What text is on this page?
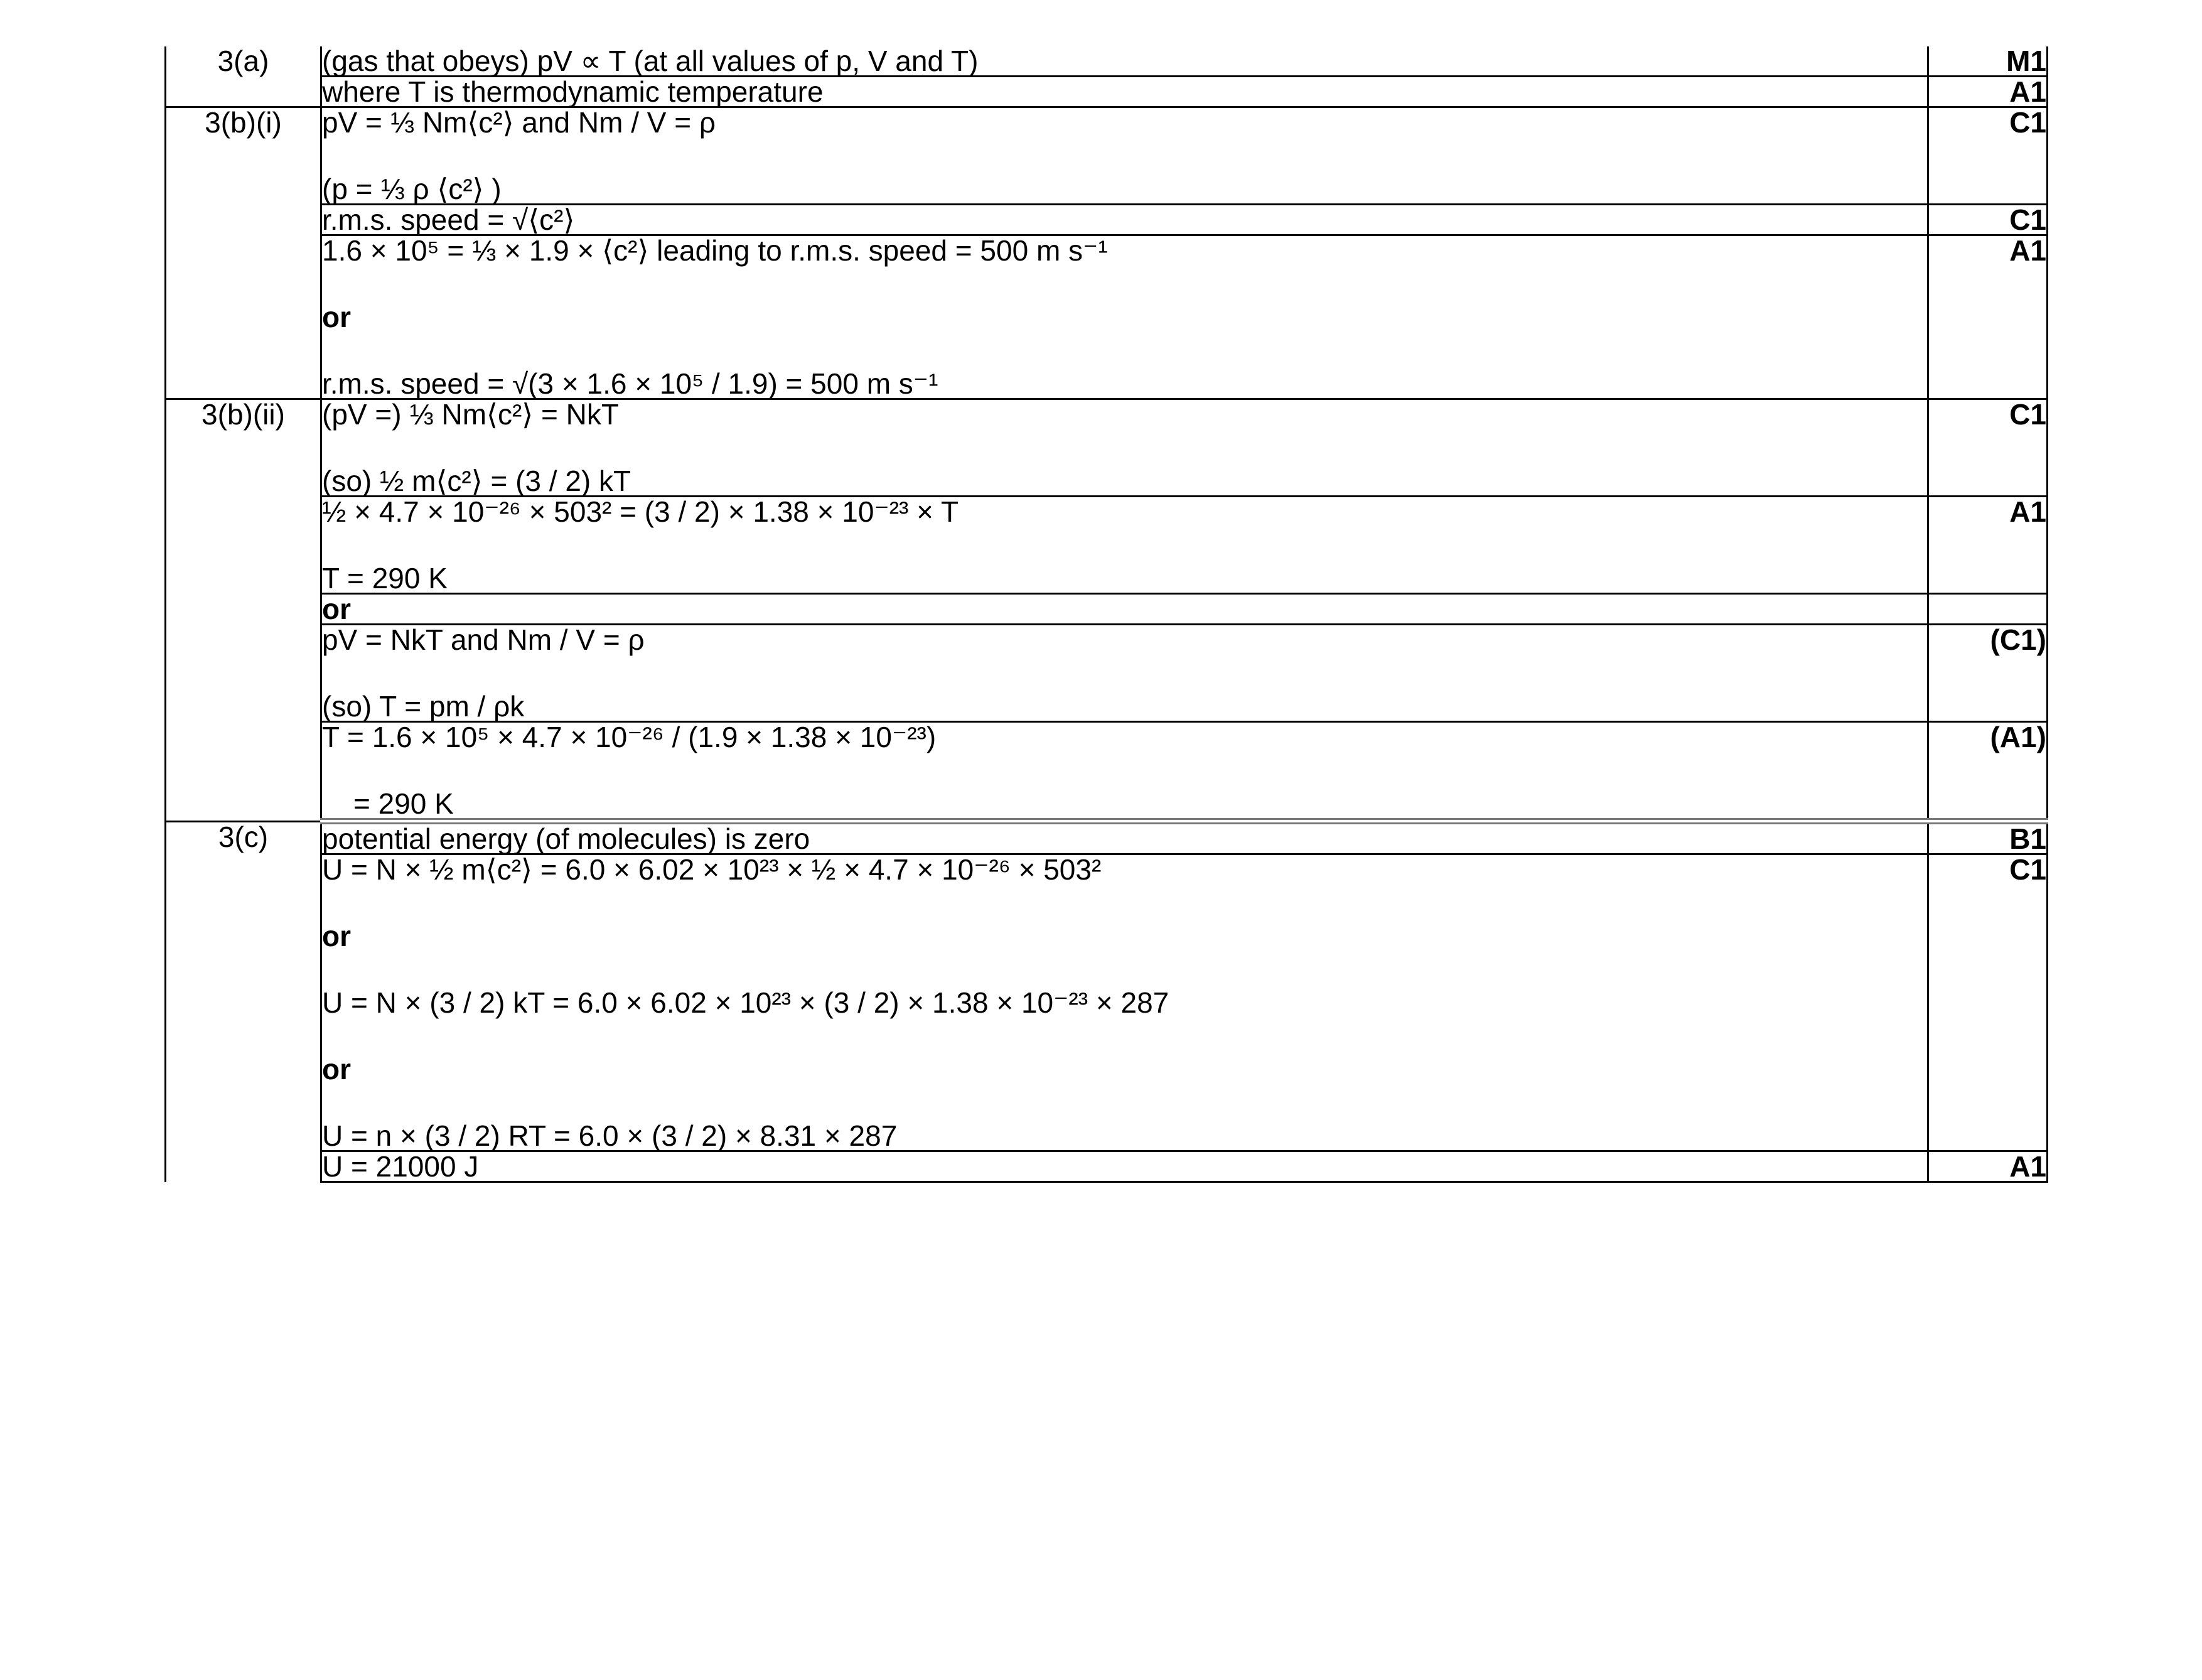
3(a)	(gas that obeys) pV ∝ T (at all values of p, V and T)	M1

	where T is thermodynamic temperature	A1
3(b)(i)	pV = ⅓ Nm⟨c²⟩ and Nm / V = ρ
(p = ⅓ ρ ⟨c²⟩ )	C1

	r.m.s. speed = √⟨c²⟩	C1

	1.6 × 10⁵ = ⅓ × 1.9 × ⟨c²⟩ leading to r.m.s. speed = 500 m s⁻¹
or
r.m.s. speed = √(3 × 1.6 × 10⁵ / 1.9) = 500 m s⁻¹	A1
3(b)(ii)	(pV =) ⅓ Nm⟨c²⟩ = NkT
(so) ½ m⟨c²⟩ = (3 / 2) kT	C1

	½ × 4.7 × 10⁻²⁶ × 503² = (3 / 2) × 1.38 × 10⁻²³ × T
T = 290 K	A1

	or	

	pV = NkT and Nm / V = ρ
(so) T = pm / ρk	(C1)

	T = 1.6 × 10⁵ × 4.7 × 10⁻²⁶ / (1.9 × 1.38 × 10⁻²³)
= 290 K	(A1)
3(c)	potential energy (of molecules) is zero	B1

	U = N × ½ m⟨c²⟩ = 6.0 × 6.02 × 10²³ × ½ × 4.7 × 10⁻²⁶ × 503²
or
U = N × (3 / 2) kT = 6.0 × 6.02 × 10²³ × (3 / 2) × 1.38 × 10⁻²³ × 287
or
U = n × (3 / 2) RT = 6.0 × (3 / 2) × 8.31 × 287	C1

	U = 21000 J	A1
